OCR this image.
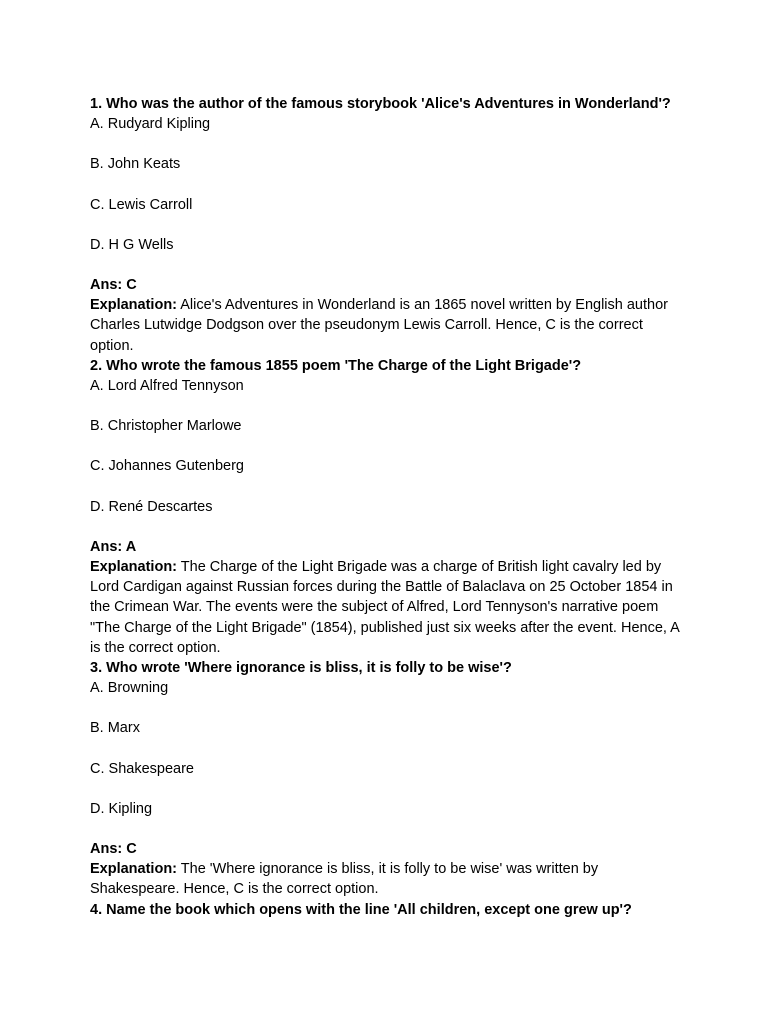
1. Who was the author of the famous storybook 'Alice's Adventures in Wonderland'?

A. Rudyard Kipling

B. John Keats

C. Lewis Carroll

D. H G Wells

Ans: C

Explanation: Alice's Adventures in Wonderland is an 1865 novel written by English author Charles Lutwidge Dodgson over the pseudonym Lewis Carroll. Hence, C is the correct option.

2. Who wrote the famous 1855 poem 'The Charge of the Light Brigade'?

A. Lord Alfred Tennyson

B. Christopher Marlowe

C. Johannes Gutenberg

D. René Descartes

Ans: A

Explanation: The Charge of the Light Brigade was a charge of British light cavalry led by Lord Cardigan against Russian forces during the Battle of Balaclava on 25 October 1854 in the Crimean War. The events were the subject of Alfred, Lord Tennyson's narrative poem "The Charge of the Light Brigade" (1854), published just six weeks after the event. Hence, A is the correct option.

3. Who wrote 'Where ignorance is bliss, it is folly to be wise'?

A. Browning

B. Marx

C. Shakespeare

D. Kipling

Ans: C

Explanation: The 'Where ignorance is bliss, it is folly to be wise' was written by Shakespeare. Hence, C is the correct option.

4. Name the book which opens with the line 'All children, except one grew up'?
